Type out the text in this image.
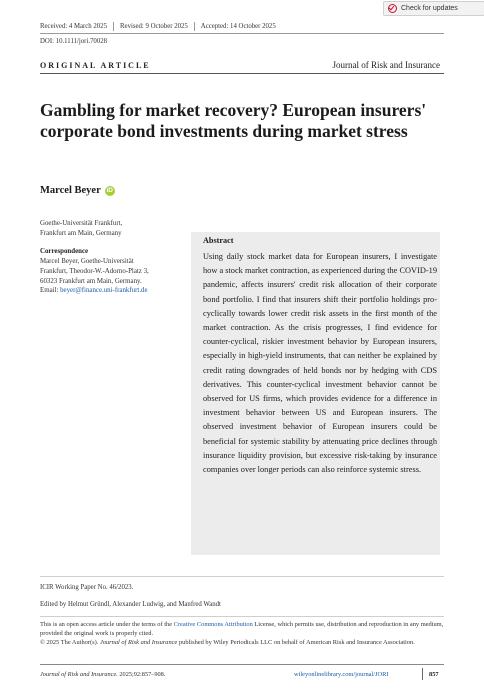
Received: 4 March 2025 Revised: 9 October 2025 Accepted: 14 October 2025
Check for updates
DOI: 10.1111/jori.70028
ORIGINAL ARTICLE	Journal of Risk and Insurance
Gambling for market recovery? European insurers' corporate bond investments during market stress
Marcel Beyer iD
Goethe-Universität Frankfurt,
Frankfurt am Main, Germany
Correspondence
Marcel Beyer, Goethe-Universität
Frankfurt, Theodor-W.-Adorno-Platz 3,
60323 Frankfurt am Main, Germany.
Email: beyer@finance.uni-frankfurt.de
Abstract
Using daily stock market data for European insurers, I investigate how a stock market contraction, as experienced during the COVID-19 pandemic, affects insurers' credit risk allocation of their corporate bond portfolio. I find that insurers shift their portfolio holdings pro-cyclically towards lower credit risk assets in the first month of the market contraction. As the crisis progresses, I find evidence for counter-cyclical, riskier investment behavior by European insurers, especially in high-yield instruments, that can neither be explained by credit rating downgrades of held bonds nor by hedging with CDS derivatives. This counter-cyclical investment behavior cannot be observed for US firms, which provides evidence for a difference in investment behavior between US and European insurers. The observed investment behavior of European insurers could be beneficial for systemic stability by attenuating price declines through insurance liquidity provision, but excessive risk-taking by insurance companies over longer periods can also reinforce systemic stress.
ICIR Working Paper No. 46/2023.
Edited by Helmut Gründl, Alexander Ludwig, and Manfred Wandt
This is an open access article under the terms of the Creative Commons Attribution License, which permits use, distribution and reproduction in any medium, provided the original work is properly cited.
© 2025 The Author(s). Journal of Risk and Insurance published by Wiley Periodicals LLC on behalf of American Risk and Insurance Association.
Journal of Risk and Insurance. 2025;92:857–908.	wileyonlinelibrary.com/journal/JORI	857
